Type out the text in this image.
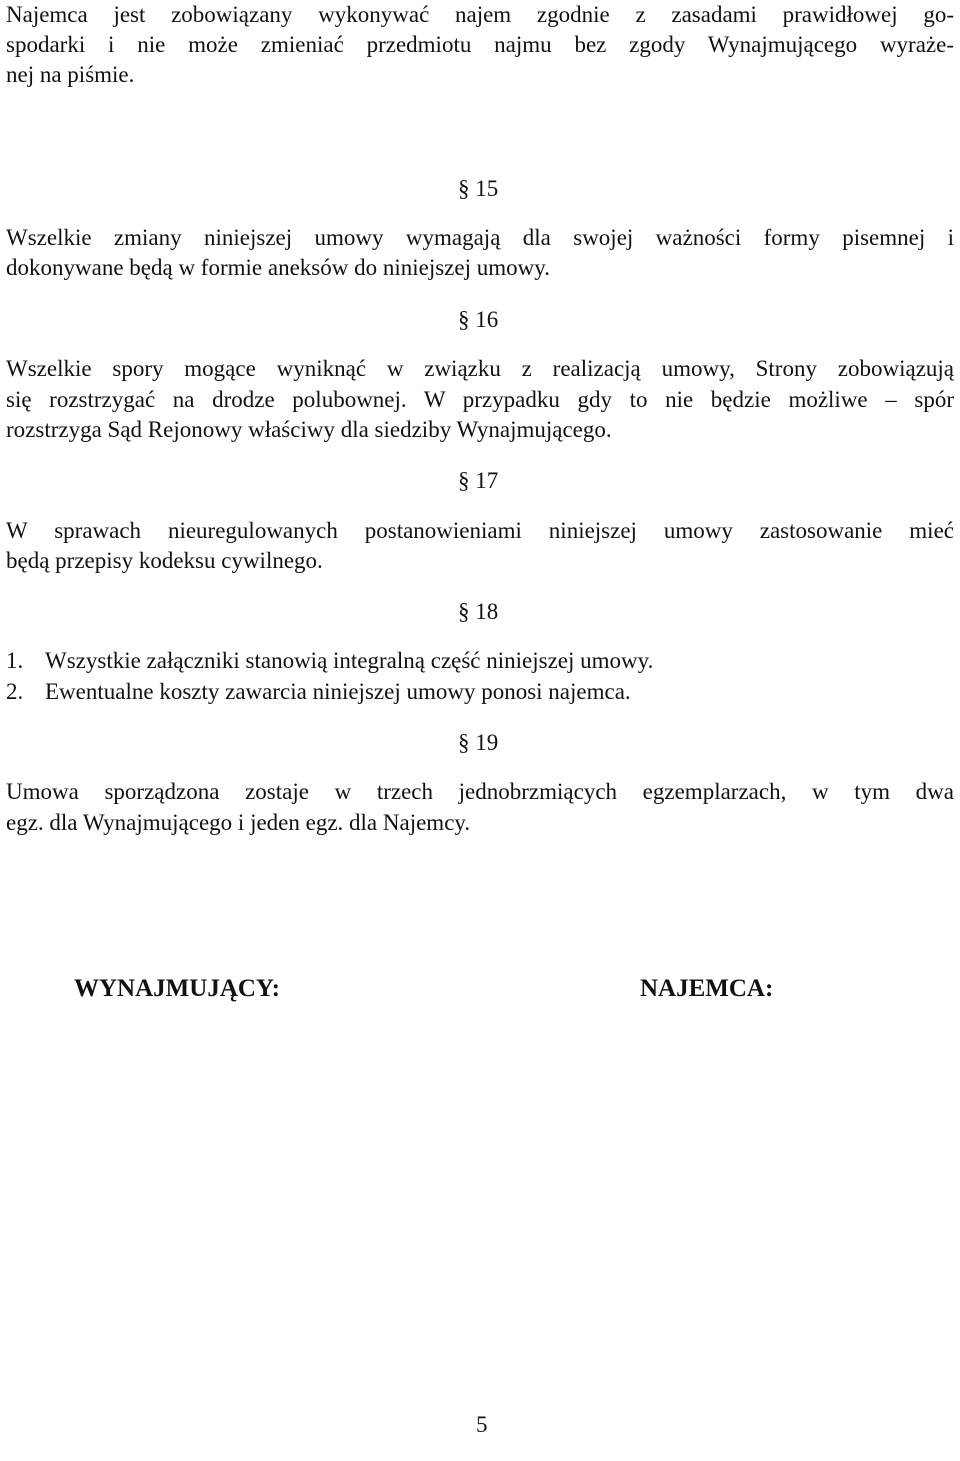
Najemca jest zobowiązany wykonywać najem zgodnie z zasadami prawidłowej go-
spodarki i nie może zmieniać przedmiotu najmu bez zgody Wynajmującego wyraże-
nej na piśmie.
§ 15
Wszelkie zmiany niniejszej umowy wymagają dla swojej ważności formy pisemnej i
dokonywane będą w formie aneksów do niniejszej umowy.
§ 16
Wszelkie spory mogące wyniknąć w związku z realizacją umowy, Strony zobowiązują
się rozstrzygać na drodze polubownej. W przypadku gdy to nie będzie możliwe – spór
rozstrzyga Sąd Rejonowy właściwy dla siedziby Wynajmującego.
§ 17
W sprawach nieuregulowanych postanowieniami niniejszej umowy zastosowanie mieć
będą przepisy kodeksu cywilnego.
§ 18
1. Wszystkie załączniki stanowią integralną część niniejszej umowy.
2. Ewentualne koszty zawarcia niniejszej umowy ponosi najemca.
§ 19
Umowa sporządzona zostaje w trzech jednobrzmiących egzemplarzach, w tym dwa
egz. dla Wynajmującego i jeden egz. dla Najemcy.
WYNAJMUJĄCY:	NAJEMCA:
5
